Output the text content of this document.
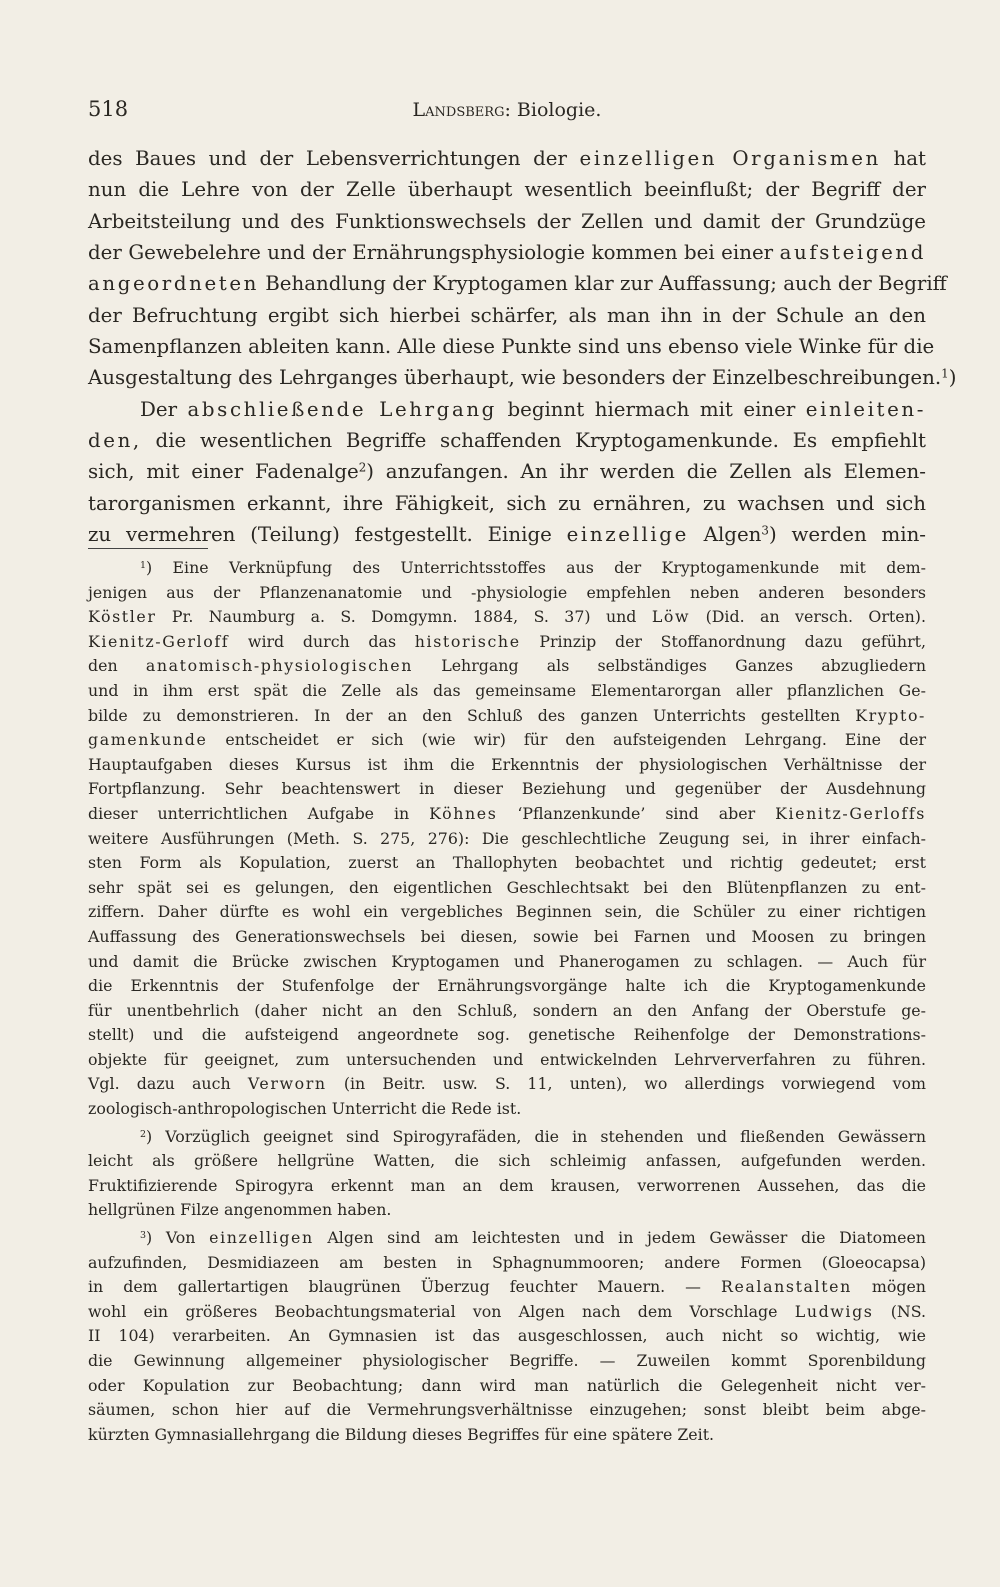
518	Landsberg: Biologie.
des Baues und der Lebensverrichtungen der einzelligen Organismen hat
nun die Lehre von der Zelle überhaupt wesentlich beeinflußt; der Begriff der
Arbeitsteilung und des Funktionswechsels der Zellen und damit der Grundzüge
der Gewebelehre und der Ernährungsphysiologie kommen bei einer aufsteigend
angeordneten Behandlung der Kryptogamen klar zur Auffassung; auch der Begriff
der Befruchtung ergibt sich hierbei schärfer, als man ihn in der Schule an den
Samenpflanzen ableiten kann. Alle diese Punkte sind uns ebenso viele Winke für die
Ausgestaltung des Lehrganges überhaupt, wie besonders der Einzelbeschreibungen.$^1$)
Der abschließende Lehrgang beginnt hiermach mit einer einleiten-
den, die wesentlichen Begriffe schaffenden Kryptogamenkunde. Es empfiehlt
sich, mit einer Fadenalge$^2$) anzufangen. An ihr werden die Zellen als Elemen-
tarorganismen erkannt, ihre Fähigkeit, sich zu ernähren, zu wachsen und sich
zu vermehren (Teilung) festgestellt. Einige einzellige Algen$^3$) werden min-
$^1$) Eine Verknüpfung des Unterrichtsstoffes aus der Kryptogamenkunde mit dem-
jenigen aus der Pflanzenanatomie und -physiologie empfehlen neben anderen besonders
Köstler Pr. Naumburg a. S. Domgymn. 1884, S. 37) und Löw (Did. an versch. Orten).
Kienitz-Gerloff wird durch das historische Prinzip der Stoffanordnung dazu geführt,
den anatomisch-physiologischen Lehrgang als selbständiges Ganzes abzugliedern
und in ihm erst spät die Zelle als das gemeinsame Elementarorgan aller pflanzlichen Ge-
bilde zu demonstrieren. In der an den Schluß des ganzen Unterrichts gestellten Krypto-
gamenkunde entscheidet er sich (wie wir) für den aufsteigenden Lehrgang. Eine der
Hauptaufgaben dieses Kursus ist ihm die Erkenntnis der physiologischen Verhältnisse der
Fortpflanzung. Sehr beachtenswert in dieser Beziehung und gegenüber der Ausdehnung
dieser unterrichtlichen Aufgabe in Köhnes ‘Pflanzenkunde’ sind aber Kienitz-Gerloffs
weitere Ausführungen (Meth. S. 275, 276): Die geschlechtliche Zeugung sei, in ihrer einfach-
sten Form als Kopulation, zuerst an Thallophyten beobachtet und richtig gedeutet; erst
sehr spät sei es gelungen, den eigentlichen Geschlechtsakt bei den Blütenpflanzen zu ent-
ziffern. Daher dürfte es wohl ein vergebliches Beginnen sein, die Schüler zu einer richtigen
Auffassung des Generationswechsels bei diesen, sowie bei Farnen und Moosen zu bringen
und damit die Brücke zwischen Kryptogamen und Phanerogamen zu schlagen. — Auch für
die Erkenntnis der Stufenfolge der Ernährungsvorgänge halte ich die Kryptogamenkunde
für unentbehrlich (daher nicht an den Schluß, sondern an den Anfang der Oberstufe ge-
stellt) und die aufsteigend angeordnete sog. genetische Reihenfolge der Demonstrations-
objekte für geeignet, zum untersuchenden und entwickelnden Lehrververfahren zu führen.
Vgl. dazu auch Verworn (in Beitr. usw. S. 11, unten), wo allerdings vorwiegend vom
zoologisch-anthropologischen Unterricht die Rede ist.
$^2$) Vorzüglich geeignet sind Spirogyrafäden, die in stehenden und fließenden Gewässern
leicht als größere hellgrüne Watten, die sich schleimig anfassen, aufgefunden werden.
Fruktifizierende Spirogyra erkennt man an dem krausen, verworrenen Aussehen, das die
hellgrünen Filze angenommen haben.
$^3$) Von einzelligen Algen sind am leichtesten und in jedem Gewässer die Diatomeen
aufzufinden, Desmidiazeen am besten in Sphagnummooren; andere Formen (Gloeocapsa)
in dem gallertartigen blaugrünen Überzug feuchter Mauern. — Realanstalten mögen
wohl ein größeres Beobachtungsmaterial von Algen nach dem Vorschlage Ludwigs (NS.
II 104) verarbeiten. An Gymnasien ist das ausgeschlossen, auch nicht so wichtig, wie
die Gewinnung allgemeiner physiologischer Begriffe. — Zuweilen kommt Sporenbildung
oder Kopulation zur Beobachtung; dann wird man natürlich die Gelegenheit nicht ver-
säumen, schon hier auf die Vermehrungsverhältnisse einzugehen; sonst bleibt beim abge-
kürzten Gymnasiallehrgang die Bildung dieses Begriffes für eine spätere Zeit.
